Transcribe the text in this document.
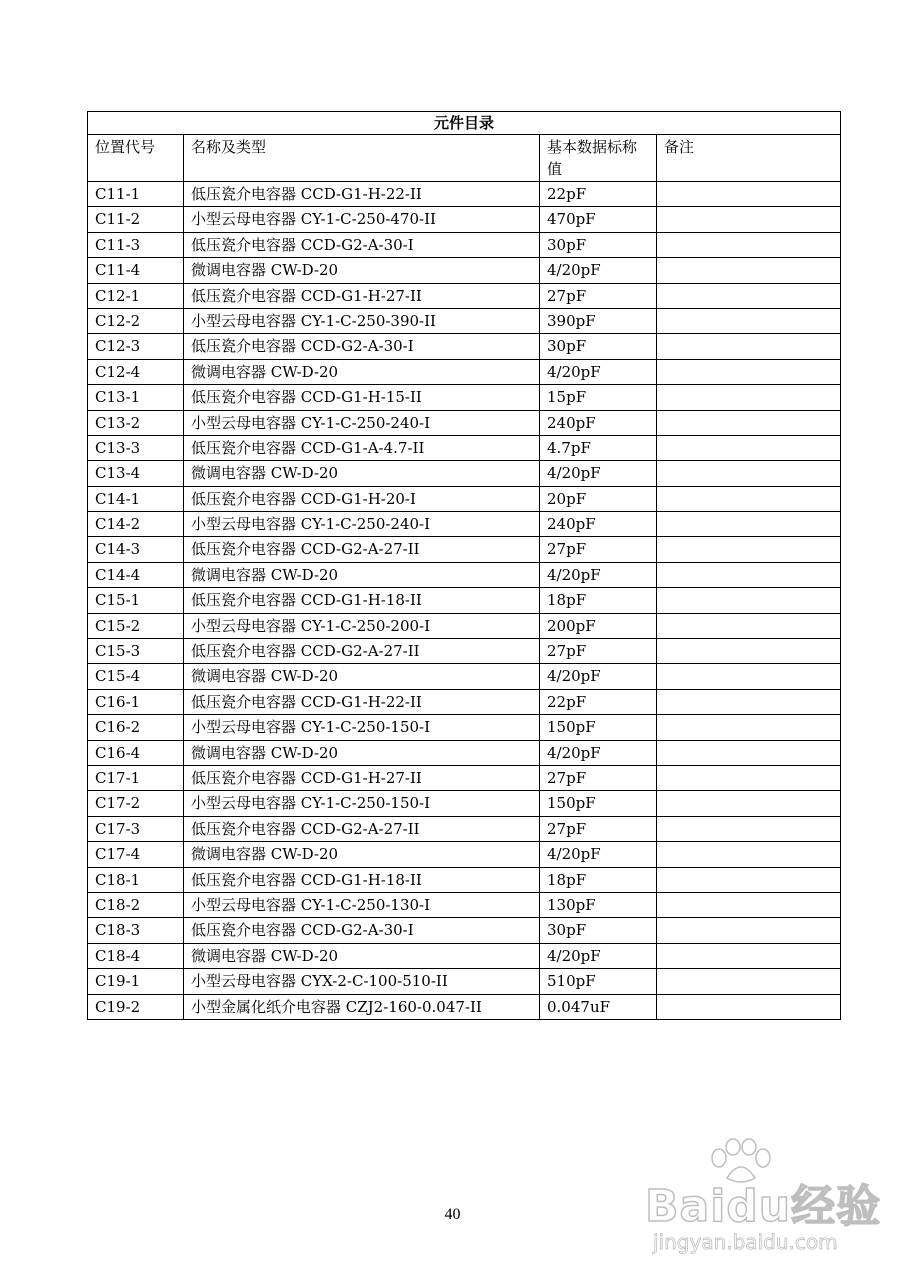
元件目录			
位置代号	名称及类型	基本数据标称值	备注
C11-1	低压瓷介电容器 CCD-G1-H-22-II	22pF	
C11-2	小型云母电容器 CY-1-C-250-470-II	470pF	
C11-3	低压瓷介电容器 CCD-G2-A-30-I	30pF	
C11-4	微调电容器 CW-D-20	4/20pF	
C12-1	低压瓷介电容器 CCD-G1-H-27-II	27pF	
C12-2	小型云母电容器 CY-1-C-250-390-II	390pF	
C12-3	低压瓷介电容器 CCD-G2-A-30-I	30pF	
C12-4	微调电容器 CW-D-20	4/20pF	
C13-1	低压瓷介电容器 CCD-G1-H-15-II	15pF	
C13-2	小型云母电容器 CY-1-C-250-240-I	240pF	
C13-3	低压瓷介电容器 CCD-G1-A-4.7-II	4.7pF	
C13-4	微调电容器 CW-D-20	4/20pF	
C14-1	低压瓷介电容器 CCD-G1-H-20-I	20pF	
C14-2	小型云母电容器 CY-1-C-250-240-I	240pF	
C14-3	低压瓷介电容器 CCD-G2-A-27-II	27pF	
C14-4	微调电容器 CW-D-20	4/20pF	
C15-1	低压瓷介电容器 CCD-G1-H-18-II	18pF	
C15-2	小型云母电容器 CY-1-C-250-200-I	200pF	
C15-3	低压瓷介电容器 CCD-G2-A-27-II	27pF	
C15-4	微调电容器 CW-D-20	4/20pF	
C16-1	低压瓷介电容器 CCD-G1-H-22-II	22pF	
C16-2	小型云母电容器 CY-1-C-250-150-I	150pF	
C16-4	微调电容器 CW-D-20	4/20pF	
C17-1	低压瓷介电容器 CCD-G1-H-27-II	27pF	
C17-2	小型云母电容器 CY-1-C-250-150-I	150pF	
C17-3	低压瓷介电容器 CCD-G2-A-27-II	27pF	
C17-4	微调电容器 CW-D-20	4/20pF	
C18-1	低压瓷介电容器 CCD-G1-H-18-II	18pF	
C18-2	小型云母电容器 CY-1-C-250-130-I	130pF	
C18-3	低压瓷介电容器 CCD-G2-A-30-I	30pF	
C18-4	微调电容器 CW-D-20	4/20pF	
C19-1	小型云母电容器 CYX-2-C-100-510-II	510pF	
C19-2	小型金属化纸介电容器 CZJ2-160-0.047-II	0.047uF	
40	Baidu经验
jingyan.baidu.com
